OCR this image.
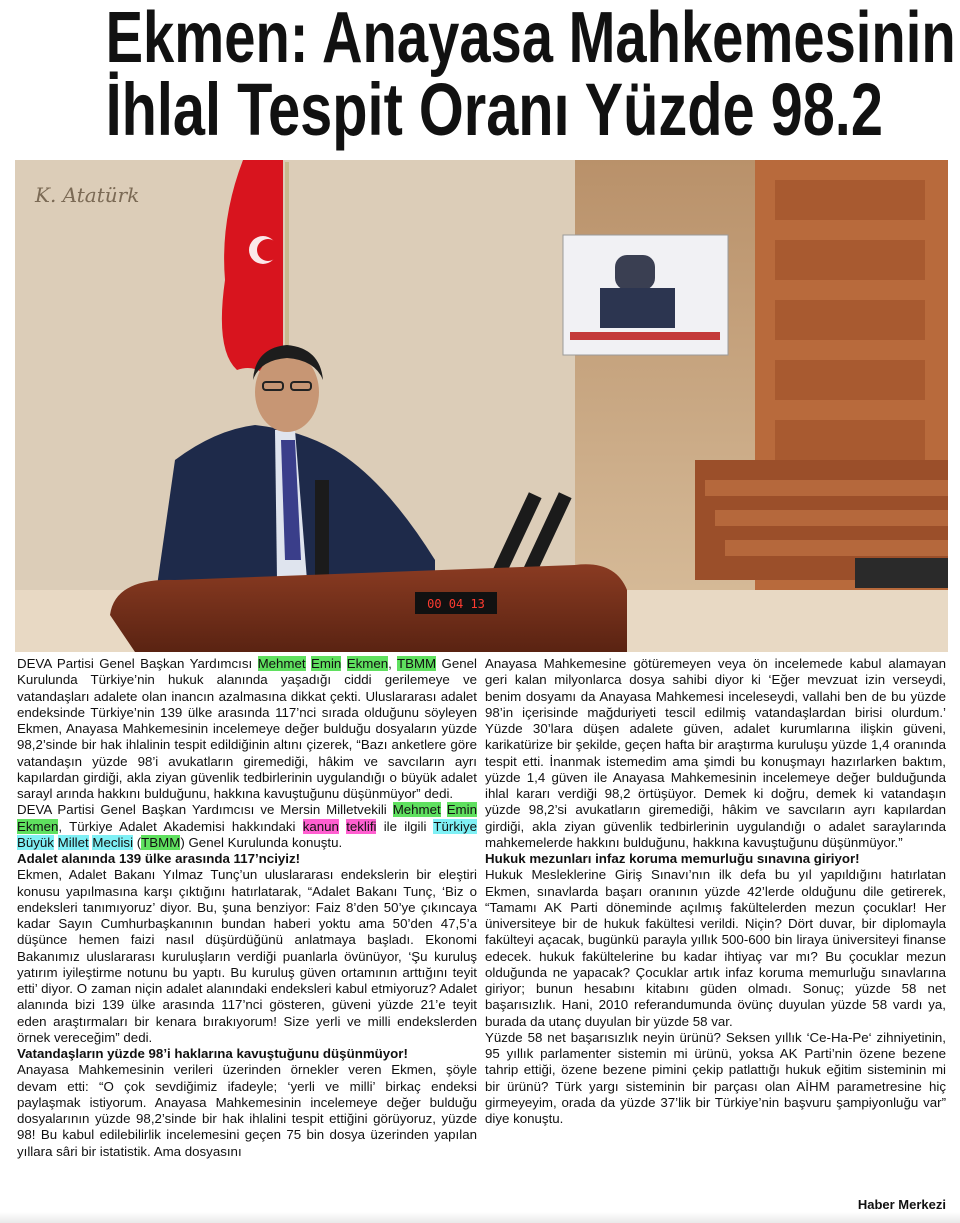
Ekmen: Anayasa Mahkemesinin
İhlal Tespit Oranı Yüzde 98.2
K. Atatürk
00 04 13

DEVA Partisi Genel Başkan Yardımcısı Mehmet Emin Ekmen, TBMM Genel Kurulunda Türkiye’nin hukuk alanında yaşadığı ciddi gerilemeye ve vatandaşları adalete olan inancın azalmasına dikkat çekti. Uluslararası adalet endeksinde Türkiye’nin 139 ülke arasında 117’nci sırada olduğunu söyleyen Ekmen, Anayasa Mahkemesinin incelemeye değer bulduğu dosyaların yüzde 98,2’sinde bir hak ihlalinin tespit edildiğinin altını çizerek, “Bazı anketlere göre vatandaşın yüzde 98’i avukatların giremediği, hâkim ve savcıların ayrı kapılardan girdiği, akla ziyan güvenlik tedbirlerinin uygulandığı o büyük adalet sarayl arında hakkını bulduğunu, hakkına kavuştuğunu düşünmüyor” dedi.

DEVA Partisi Genel Başkan Yardımcısı ve Mersin Milletvekili Mehmet Emin Ekmen, Türkiye Adalet Akademisi hakkındaki kanun teklifi ile ilgili Türkiye Büyük Millet Meclisi (TBMM) Genel Kurulunda konuştu.

Adalet alanında 139 ülke arasında 117’nciyiz!

Ekmen, Adalet Bakanı Yılmaz Tunç’un uluslararası endekslerin bir eleştiri konusu yapılmasına karşı çıktığını hatırlatarak, “Adalet Bakanı Tunç, ‘Biz o endeksleri tanımıyoruz’ diyor. Bu, şuna benziyor: Faiz 8’den 50’ye çıkıncaya kadar Sayın Cumhurbaşkanının bundan haberi yoktu ama 50’den 47,5’a düşünce hemen faizi nasıl düşürdüğünü anlatmaya başladı. Ekonomi Bakanımız uluslararası kuruluşların verdiği puanlarla övünüyor, ‘Şu kuruluş yatırım iyileştirme notunu bu yaptı. Bu kuruluş güven ortamının arttığını teyit etti’ diyor. O zaman niçin adalet alanındaki endeksleri kabul etmiyoruz? Adalet alanında bizi 139 ülke arasında 117’nci gösteren, güveni yüzde 21’e teyit eden araştırmaları bir kenara bırakıyorum! Size yerli ve milli endekslerden örnek vereceğim” dedi.

Vatandaşların yüzde 98’i haklarına kavuştuğunu düşünmüyor!

Anayasa Mahkemesinin verileri üzerinden örnekler veren Ekmen, şöyle devam etti: “O çok sevdiğimiz ifadeyle; ‘yerli ve milli’ birkaç endeksi paylaşmak istiyorum. Anayasa Mahkemesinin incelemeye değer bulduğu dosyalarının yüzde 98,2’sinde bir hak ihlalini tespit ettiğini görüyoruz, yüzde 98! Bu kabul edilebilirlik incelemesini geçen 75 bin dosya üzerinden yapılan yıllara sâri bir istatistik. Ama dosyasını

Anayasa Mahkemesine götüremeyen veya ön incelemede kabul alamayan geri kalan milyonlarca dosya sahibi diyor ki ‘Eğer mevzuat izin verseydi, benim dosyamı da Anayasa Mahkemesi inceleseydi, vallahi ben de bu yüzde 98’in içerisinde mağduriyeti tescil edilmiş vatandaşlardan birisi olurdum.’ Yüzde 30’lara düşen adalete güven, adalet kurumlarına ilişkin güveni, karikatürize bir şekilde, geçen hafta bir araştırma kuruluşu yüzde 1,4 oranında tespit etti. İnanmak istemedim ama şimdi bu konuşmayı hazırlarken baktım, yüzde 1,4 güven ile Anayasa Mahkemesinin incelemeye değer bulduğunda ihlal kararı verdiği 98,2 örtüşüyor. Demek ki doğru, demek ki vatandaşın yüzde 98,2’si avukatların giremediği, hâkim ve savcıların ayrı kapılardan girdiği, akla ziyan güvenlik tedbirlerinin uygulandığı o adalet saraylarında mahkemelerde hakkını bulduğunu, hakkına kavuştuğunu düşünmüyor.”

Hukuk mezunları infaz koruma memurluğu sınavına giriyor!

Hukuk Mesleklerine Giriş Sınavı’nın ilk defa bu yıl yapıldığını hatırlatan Ekmen, sınavlarda başarı oranının yüzde 42’lerde olduğunu dile getirerek, “Tamamı AK Parti döneminde açılmış fakültelerden mezun çocuklar! Her üniversiteye bir de hukuk fakültesi verildi. Niçin? Dört duvar, bir diplomayla fakülteyi açacak, bugünkü parayla yıllık 500-600 bin liraya üniversiteyi finanse edecek. hukuk fakültelerine bu kadar ihtiyaç var mı? Bu çocuklar mezun olduğunda ne yapacak? Çocuklar artık infaz koruma memurluğu sınavlarına giriyor; bunun hesabını kitabını güden olmadı. Sonuç; yüzde 58 net başarısızlık. Hani, 2010 referandumunda övünç duyulan yüzde 58 vardı ya, burada da utanç duyulan bir yüzde 58 var.

Yüzde 58 net başarısızlık neyin ürünü? Seksen yıllık ‘Ce-Ha-Pe‘ zihniyetinin, 95 yıllık parlamenter sistemin mi ürünü, yoksa AK Parti’nin özene bezene tahrip ettiği, özene bezene pimini çekip patlattığı hukuk eğitim sisteminin mi bir ürünü? Türk yargı sisteminin bir parçası olan AİHM parametresine hiç girmeyeyim, orada da yüzde 37’lik bir Türkiye’nin başvuru şampiyonluğu var” diye konuştu.

Haber Merkezi
